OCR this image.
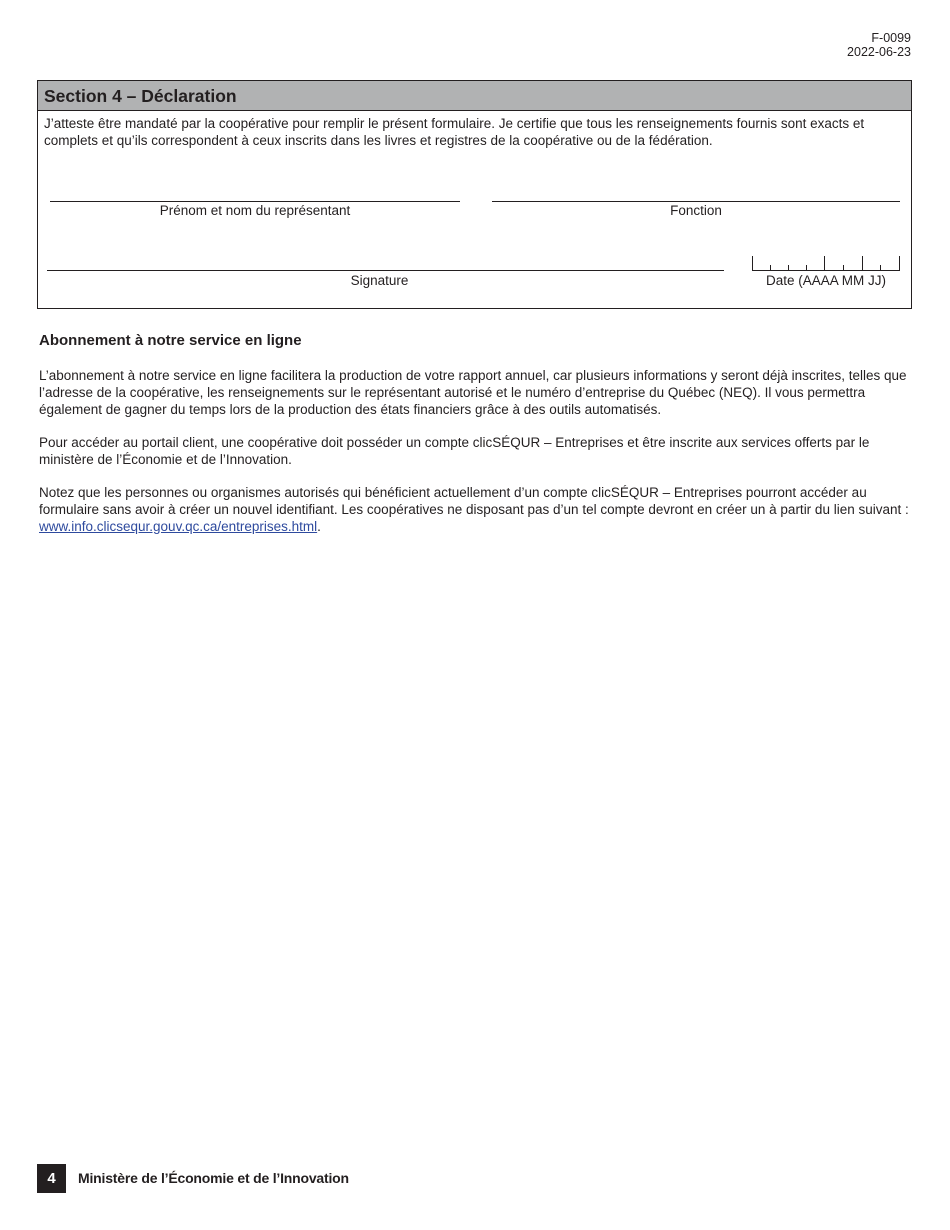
F-0099
2022-06-23
Section 4 – Déclaration
J’atteste être mandaté par la coopérative pour remplir le présent formulaire. Je certifie que tous les renseignements fournis sont exacts et complets et qu’ils correspondent à ceux inscrits dans les livres et registres de la coopérative ou de la fédération.
Prénom et nom du représentant	Fonction
Signature	Date (AAAA MM JJ)
Abonnement à notre service en ligne
L’abonnement à notre service en ligne facilitera la production de votre rapport annuel, car plusieurs informations y seront déjà inscrites, telles que l’adresse de la coopérative, les renseignements sur le représentant autorisé et le numéro d’entreprise du Québec (NEQ). Il vous permettra également de gagner du temps lors de la production des états financiers grâce à des outils automatisés.
Pour accéder au portail client, une coopérative doit posséder un compte clicSÉQUR – Entreprises et être inscrite aux services offerts par le ministère de l’Économie et de l’Innovation.
Notez que les personnes ou organismes autorisés qui bénéficient actuellement d’un compte clicSÉQUR – Entreprises pourront accéder au formulaire sans avoir à créer un nouvel identifiant. Les coopératives ne disposant pas d’un tel compte devront en créer un à partir du lien suivant : www.info.clicsequr.gouv.qc.ca/entreprises.html.
4	Ministère de l’Économie et de l’Innovation
